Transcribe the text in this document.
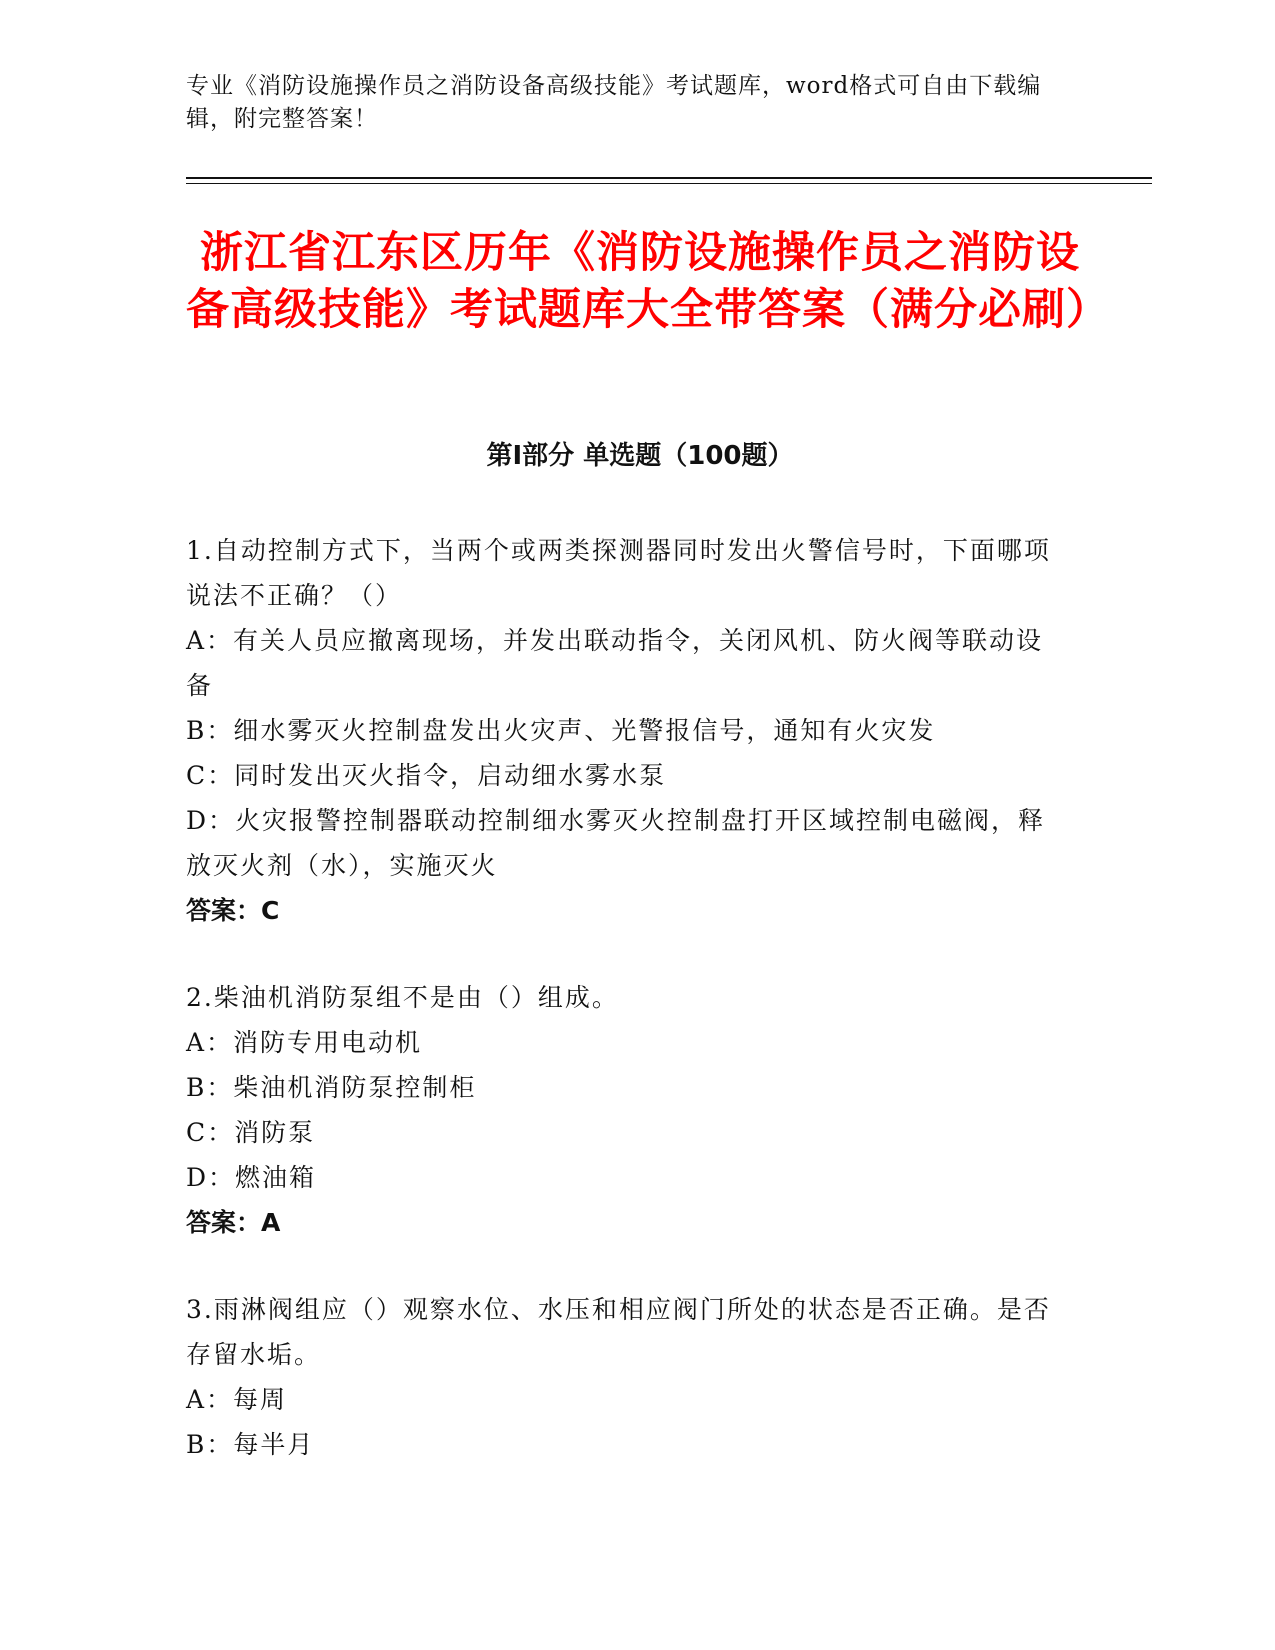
专业《消防设施操作员之消防设备高级技能》考试题库，word格式可自由下载编辑，附完整答案！
浙江省江东区历年《消防设施操作员之消防设备高级技能》考试题库大全带答案（满分必刷）
第Ⅰ部分 单选题（100题）
1.自动控制方式下，当两个或两类探测器同时发出火警信号时，下面哪项说法不正确？（）
A：有关人员应撤离现场，并发出联动指令，关闭风机、防火阀等联动设备
B：细水雾灭火控制盘发出火灾声、光警报信号，通知有火灾发
C：同时发出灭火指令，启动细水雾水泵
D：火灾报警控制器联动控制细水雾灭火控制盘打开区域控制电磁阀，释放灭火剂（水），实施灭火
答案：C
2.柴油机消防泵组不是由（）组成。
A：消防专用电动机
B：柴油机消防泵控制柜
C：消防泵
D：燃油箱
答案：A
3.雨淋阀组应（）观察水位、水压和相应阀门所处的状态是否正确。是否存留水垢。
A：每周
B：每半月
